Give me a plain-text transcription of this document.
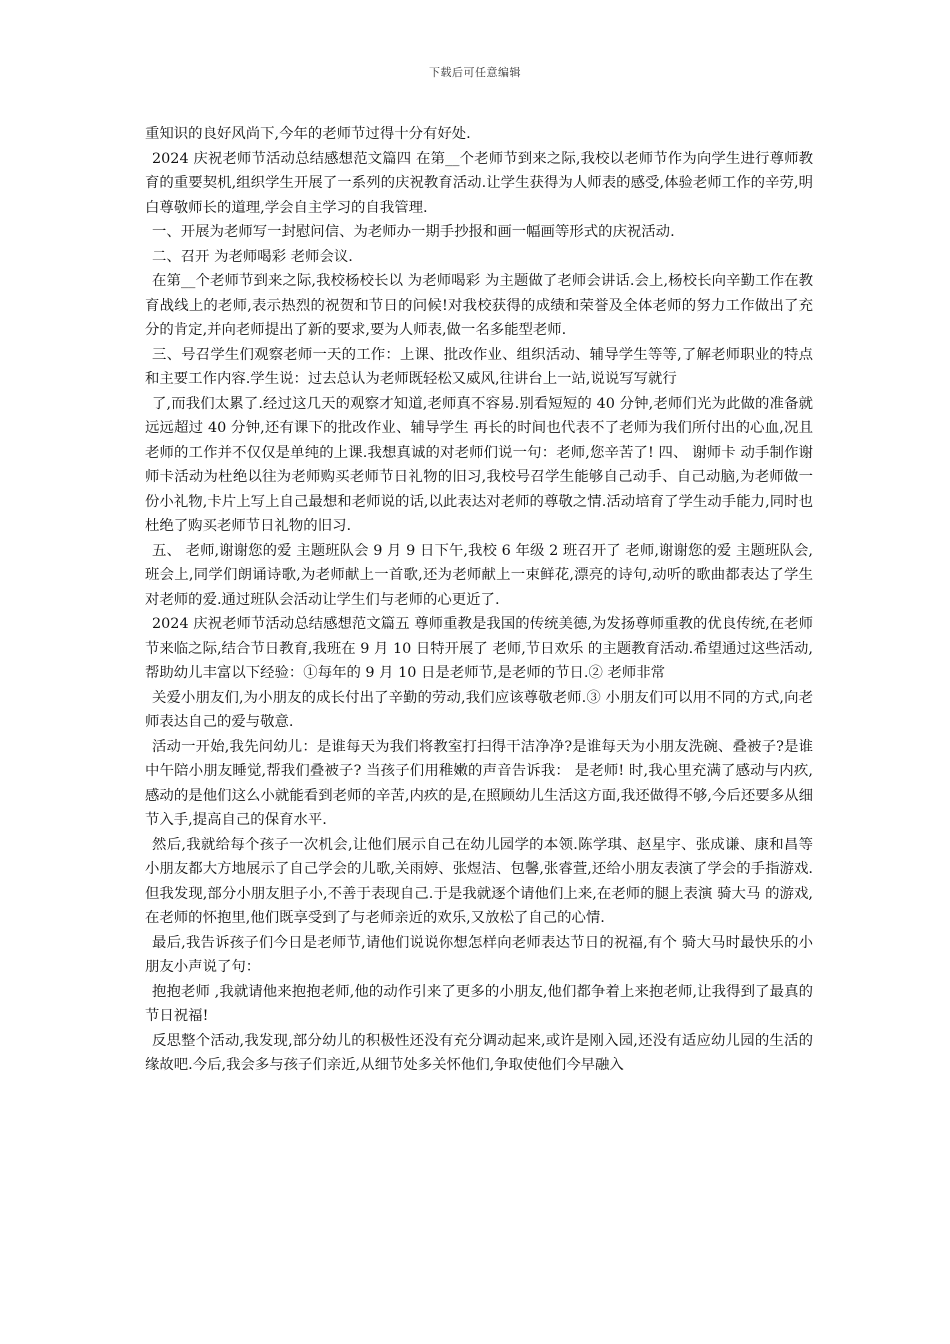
下载后可任意编辑

重知识的良好风尚下,今年的老师节过得十分有好处.

2024 庆祝老师节活动总结感想范文篇四 在第__个老师节到来之际,我校以老师节作为向学生进行尊师教育的重要契机,组织学生开展了一系列的庆祝教育活动.让学生获得为人师表的感受,体验老师工作的辛劳,明白尊敬师长的道理,学会自主学习的自我管理.

一、开展为老师写一封慰问信、为老师办一期手抄报和画一幅画等形式的庆祝活动.

二、召开 为老师喝彩 老师会议.

在第__个老师节到来之际,我校杨校长以 为老师喝彩 为主题做了老师会讲话.会上,杨校长向辛勤工作在教育战线上的老师,表示热烈的祝贺和节日的问候!对我校获得的成绩和荣誉及全体老师的努力工作做出了充分的肯定,并向老师提出了新的要求,要为人师表,做一名多能型老师.

三、号召学生们观察老师一天的工作：上课、批改作业、组织活动、辅导学生等等,了解老师职业的特点和主要工作内容.学生说：过去总认为老师既轻松又威风,往讲台上一站,说说写写就行

了,而我们太累了.经过这几天的观察才知道,老师真不容易.别看短短的 40 分钟,老师们光为此做的准备就远远超过 40 分钟,还有课下的批改作业、辅导学生 再长的时间也代表不了老师为我们所付出的心血,况且老师的工作并不仅仅是单纯的上课.我想真诚的对老师们说一句：老师,您辛苦了! 四、 谢师卡 动手制作谢师卡活动为杜绝以往为老师购买老师节日礼物的旧习,我校号召学生能够自己动手、自己动脑,为老师做一份小礼物,卡片上写上自己最想和老师说的话,以此表达对老师的尊敬之情.活动培育了学生动手能力,同时也杜绝了购买老师节日礼物的旧习.

五、 老师,谢谢您的爱 主题班队会 9 月 9 日下午,我校 6 年级 2 班召开了 老师,谢谢您的爱 主题班队会,班会上,同学们朗诵诗歌,为老师献上一首歌,还为老师献上一束鲜花,漂亮的诗句,动听的歌曲都表达了学生对老师的爱.通过班队会活动让学生们与老师的心更近了.

2024 庆祝老师节活动总结感想范文篇五 尊师重教是我国的传统美德,为发扬尊师重教的优良传统,在老师节来临之际,结合节日教育,我班在 9 月 10 日特开展了 老师,节日欢乐 的主题教育活动.希望通过这些活动,帮助幼儿丰富以下经验：①每年的 9 月 10 日是老师节,是老师的节日.② 老师非常

关爱小朋友们,为小朋友的成长付出了辛勤的劳动,我们应该尊敬老师.③ 小朋友们可以用不同的方式,向老师表达自己的爱与敬意.

活动一开始,我先问幼儿：是谁每天为我们将教室打扫得干洁净净?是谁每天为小朋友洗碗、叠被子?是谁中午陪小朋友睡觉,帮我们叠被子? 当孩子们用稚嫩的声音告诉我： 是老师! 时,我心里充满了感动与内疚,感动的是他们这么小就能看到老师的辛苦,内疚的是,在照顾幼儿生活这方面,我还做得不够,今后还要多从细节入手,提高自己的保育水平.

然后,我就给每个孩子一次机会,让他们展示自己在幼儿园学的本领.陈学琪、赵星宇、张成谦、康和昌等小朋友都大方地展示了自己学会的儿歌,关雨婷、张煜洁、包馨,张睿萱,还给小朋友表演了学会的手指游戏.但我发现,部分小朋友胆子小,不善于表现自己.于是我就逐个请他们上来,在老师的腿上表演 骑大马 的游戏,在老师的怀抱里,他们既享受到了与老师亲近的欢乐,又放松了自己的心情.

最后,我告诉孩子们今日是老师节,请他们说说你想怎样向老师表达节日的祝福,有个 骑大马时最快乐的小朋友小声说了句：

抱抱老师 ,我就请他来抱抱老师,他的动作引来了更多的小朋友,他们都争着上来抱老师,让我得到了最真的节日祝福!

反思整个活动,我发现,部分幼儿的积极性还没有充分调动起来,或许是刚入园,还没有适应幼儿园的生活的缘故吧.今后,我会多与孩子们亲近,从细节处多关怀他们,争取使他们今早融入
